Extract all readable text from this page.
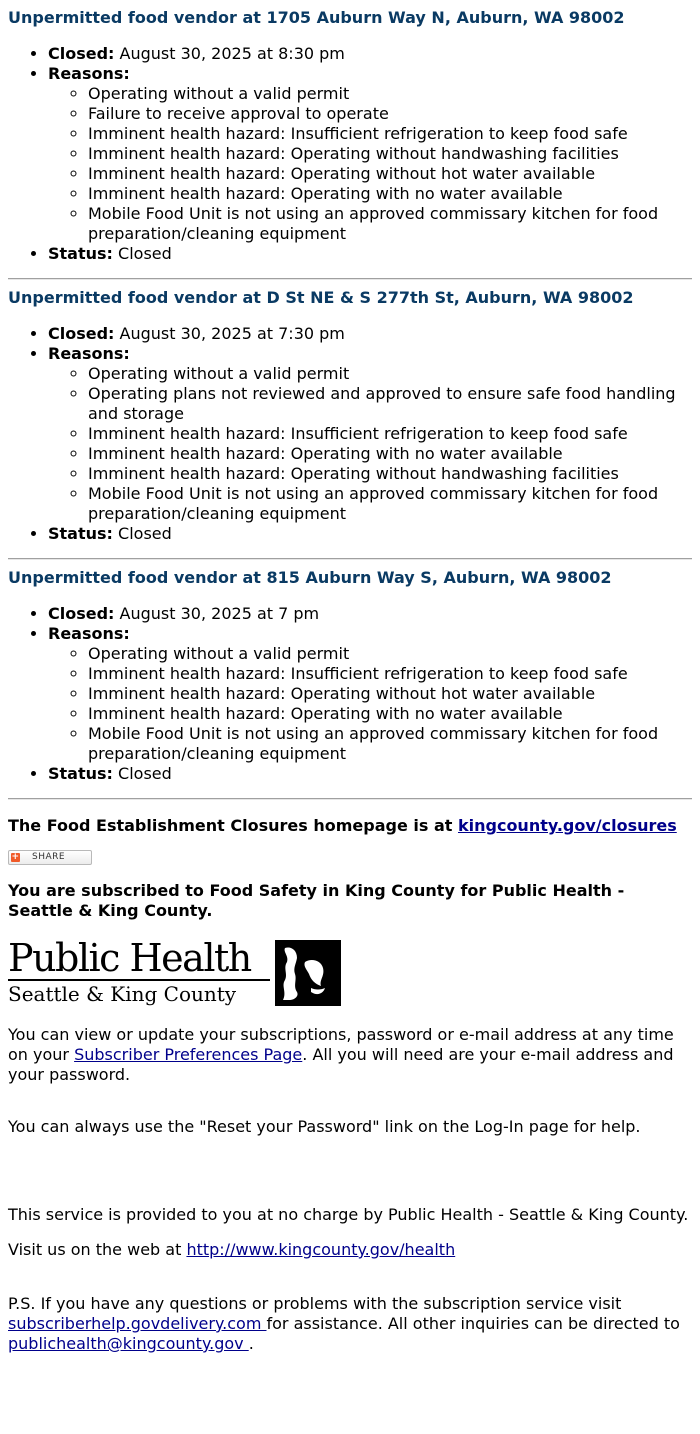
Unpermitted food vendor at 1705 Auburn Way N, Auburn, WA 98002
• Closed: August 30, 2025 at 8:30 pm
• Reasons:
◦ Operating without a valid permit
◦ Failure to receive approval to operate
◦ Imminent health hazard: Insufficient refrigeration to keep food safe
◦ Imminent health hazard: Operating without handwashing facilities
◦ Imminent health hazard: Operating without hot water available
◦ Imminent health hazard: Operating with no water available
◦ Mobile Food Unit is not using an approved commissary kitchen for food preparation/cleaning equipment
• Status: Closed
Unpermitted food vendor at D St NE & S 277th St, Auburn, WA 98002
• Closed: August 30, 2025 at 7:30 pm
• Reasons:
◦ Operating without a valid permit
◦ Operating plans not reviewed and approved to ensure safe food handling and storage
◦ Imminent health hazard: Insufficient refrigeration to keep food safe
◦ Imminent health hazard: Operating with no water available
◦ Imminent health hazard: Operating without handwashing facilities
◦ Mobile Food Unit is not using an approved commissary kitchen for food preparation/cleaning equipment
• Status: Closed
Unpermitted food vendor at 815 Auburn Way S, Auburn, WA 98002
• Closed: August 30, 2025 at 7 pm
• Reasons:
◦ Operating without a valid permit
◦ Imminent health hazard: Insufficient refrigeration to keep food safe
◦ Imminent health hazard: Operating without hot water available
◦ Imminent health hazard: Operating with no water available
◦ Mobile Food Unit is not using an approved commissary kitchen for food preparation/cleaning equipment
• Status: Closed
The Food Establishment Closures homepage is at kingcounty.gov/closures
+ SHARE
You are subscribed to Food Safety in King County for Public Health - Seattle & King County.
Public Health
Seattle & King County

You can view or update your subscriptions, password or e-mail address at any time on your Subscriber Preferences Page. All you will need are your e-mail address and your password.

You can always use the "Reset your Password" link on the Log-In page for help.

This service is provided to you at no charge by Public Health - Seattle & King County.

Visit us on the web at http://www.kingcounty.gov/health

P.S. If you have any questions or problems with the subscription service visit subscriberhelp.govdelivery.com for assistance. All other inquiries can be directed to publichealth@kingcounty.gov .
